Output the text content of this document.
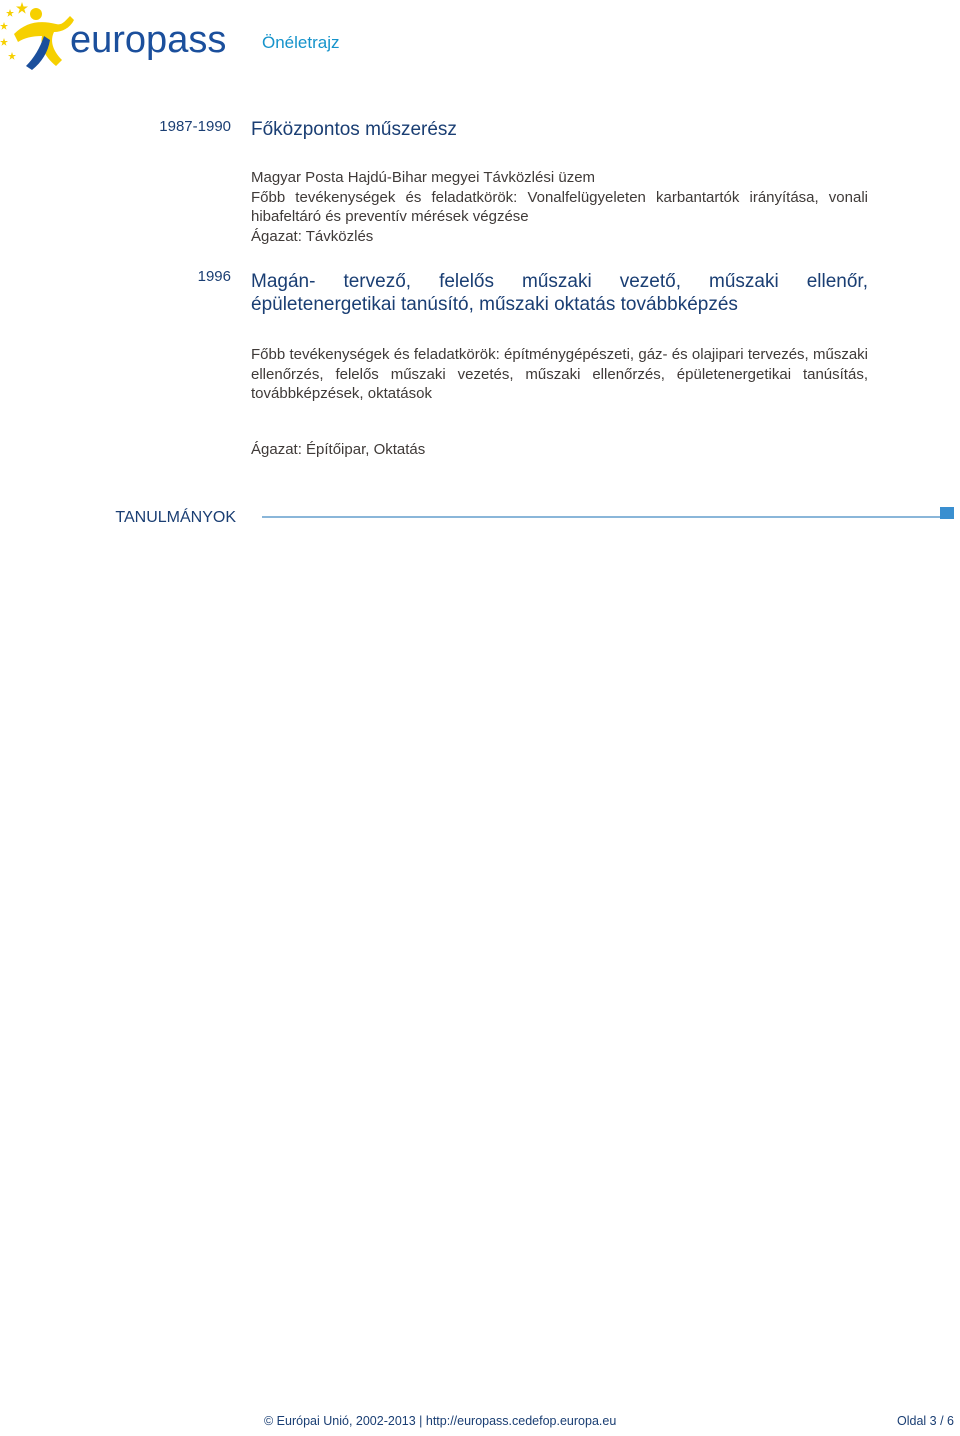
europass Önéletrajz
1987-1990 Főközpontos műszerész

Magyar Posta Hajdú-Bihar megyei Távközlési üzem

Főbb tevékenységek és feladatkörök: Vonalfelügyeleten karbantartók irányítása, vonali hibafeltáró és preventív mérések végzése

Ágazat: Távközlés

1996 Magán- tervező, felelős műszaki vezető, műszaki ellenőr, épületenergetikai tanúsító, műszaki oktatás továbbképzés

Főbb tevékenységek és feladatkörök: építménygépészeti, gáz- és olajipari tervezés, műszaki ellenőrzés, felelős műszaki vezetés, műszaki ellenőrzés, épületenergetikai tanúsítás, továbbképzések, oktatások

Ágazat: Építőipar, Oktatás

TANULMÁNYOK
© Európai Unió, 2002-2013 | http://europass.cedefop.europa.eu	Oldal 3 / 6
